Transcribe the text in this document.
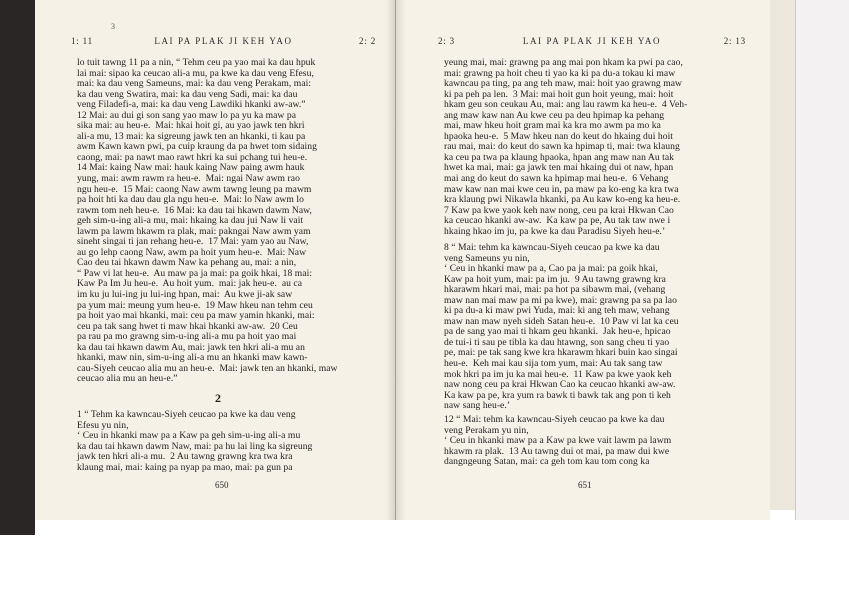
3
1: 11	LAI PA PLAK JI KEH YAO	2: 2
lo tuit tawng 11 pa a nin, “ Tehm ceu pa yao mai ka dau hpuk
lai mai: sipao ka ceucao ali-a mu, pa kwe ka dau veng Efesu,
mai: ka dau veng Sameuns, mai: ka dau veng Perakam, mai:
ka dau veng Swatira, mai: ka dau veng Sadi, mai: ka dau
veng Filadefi-a, mai: ka dau veng Lawdiki hkanki aw-aw.”
12 Mai: au dui gi son sang yao maw lo pa yu ka maw pa
sika mai: au heu-e.  Mai: hkai hoit gi, au yao jawk ten hkri
ali-a mu, 13 mai: ka sigreung jawk ten an hkanki, ti kau pa
awm Kawn kawn pwi, pa cuip kraung da pa hwet tom sidaing
caong, mai: pa nawt mao rawt hkri ka sui pchang tui heu-e.
14 Mai: kaing Naw mai: hauk kaing Naw paing awm hauk
yung, mai: awm rawm ra heu-e.  Mai: ngai Naw awm rao
ngu heu-e.  15 Mai: caong Naw awm tawng leung pa mawm
pa hoit hti ka dau dau gla ngu heu-e.  Mai: lo Naw awm lo
rawm tom neh heu-e.  16 Mai: ka dau tai hkawn dawm Naw,
geh sim-u-ing ali-a mu, mai: hkaing ka dau jui Naw li vait
lawm pa lawm hkawm ra plak, mai: pakngai Naw awm yam
sineht singai ti jan rehang heu-e.  17 Mai: yam yao au Naw,
au go lehp caong Naw, awm pa hoit yum heu-e.  Mai: Naw
Cao deu tai hkawn dawm Naw ka pehang au, mai: a nin,
“ Paw vi lat heu-e.  Au maw pa ja mai: pa goik hkai, 18 mai:
Kaw Pa Im Ju heu-e.  Au hoit yum.  mai: jak heu-e.  au ca
im ku ju lui-ing ju lui-ing hpan, mai:  Au kwe ji-ak saw
pa yum mai: meung yum heu-e.  19 Maw hkeu nan tehm ceu
pa hoit yao mai hkanki, mai: ceu pa maw yamin hkanki, mai:
ceu pa tak sang hwet ti maw hkai hkanki aw-aw.  20 Ceu
pa rau pa mo grawng sim-u-ing ali-a mu pa hoit yao mai
ka dau tai hkawn dawm Au, mai: jawk ten hkri ali-a mu an
hkanki, maw nin, sim-u-ing ali-a mu an hkanki maw kawn-
cau-Siyeh ceucao alia mu an heu-e.  Mai: jawk ten an hkanki, maw
ceucao alia mu an heu-e.”
2
1 “ Tehm ka kawncau-Siyeh ceucao pa kwe ka dau veng
Efesu yu nin,
‘ Ceu in hkanki maw pa a Kaw pa geh sim-u-ing ali-a mu
ka dau tai hkawn dawm Naw, mai: pa hu lai ling ka sigreung
jawk ten hkri ali-a mu.  2 Au tawng grawng kra twa kra
klaung mai, mai: kaing pa nyap pa mao, mai: pa gun pa
650
2: 3	LAI PA PLAK JI KEH YAO	2: 13
yeung mai, mai: grawng pa ang mai pon hkam ka pwi pa cao,
mai: grawng pa hoit cheu ti yao ka ki pa du-a tokau ki maw
kawncau pa ting, pa ang teh maw, mai: hoit yao grawng maw
ki pa peh pa len.  3 Mai: mai hoit gun hoit yeung, mai: hoit
hkam geu son ceukau Au, mai: ang lau rawm ka heu-e.  4 Veh-
ang maw kaw nan Au kwe ceu pa deu hpimap ka pehang
mai, maw hkeu hoit gram mai ka kra mo awm pa mo ka
hpaoka heu-e.  5 Maw hkeu nan do keut do hkaing dui hoit
rau mai, mai: do keut do sawn ka hpimap ti, mai: twa klaung
ka ceu pa twa pa klaung hpaoka, hpan ang maw nan Au tak
hwet ka mai, mai: ga jawk ten mai hkaing dui ot naw, hpan
mai ang do keut do sawn ka hpimap mai heu-e.  6 Vehang
maw kaw nan mai kwe ceu in, pa maw pa ko-eng ka kra twa
kra klaung pwi Nikawla hkanki, pa Au kaw ko-eng ka heu-e.
7 Kaw pa kwe yaok keh naw nong, ceu pa krai Hkwan Cao
ka ceucao hkanki aw-aw.  Ka kaw pa pe, Au tak taw nwe i
hkaing hkao im ju, pa kwe ka dau Paradisu Siyeh heu-e.’
8 “ Mai: tehm ka kawncau-Siyeh ceucao pa kwe ka dau
veng Sameuns yu nin,
‘ Ceu in hkanki maw pa a, Cao pa ja mai: pa goik hkai,
Kaw pa hoit yum, mai: pa im ju.  9 Au tawng grawng kra
hkarawm hkari mai, mai: pa hot pa sibawm mai, (vehang
maw nan mai maw pa mi pa kwe), mai: grawng pa sa pa lao
ki pa du-a ki maw pwi Yuda, mai: ki ang teh maw, vehang
maw nan maw nyeh sideh Satan heu-e.  10 Paw vi lat ka ceu
pa de sang yao mai ti hkam geu hkanki.  Jak heu-e, hpicao
de tui-i ti sau pe tibla ka dau htawng, son sang cheu ti yao
pe, mai: pe tak sang kwe kra hkarawm hkari buin kao singai
heu-e.  Keh mai kau sija tom yum, mai: Au tak sang taw
mok hkri pa im ju ka mai heu-e.  11 Kaw pa kwe yaok keh
naw nong ceu pa krai Hkwan Cao ka ceucao hkanki aw-aw.
Ka kaw pa pe, kra yum ra bawk ti bawk tak ang pon ti keh
naw sang heu-e.’
12 “ Mai: tehm ka kawncau-Siyeh ceucao pa kwe ka dau
veng Perakam yu nin,
‘ Ceu in hkanki maw pa a Kaw pa kwe vait lawm pa lawm
hkawm ra plak.  13 Au tawng dui ot mai, pa maw dui kwe
dangngeung Satan, mai: ca geh tom kau tom cong ka
651
